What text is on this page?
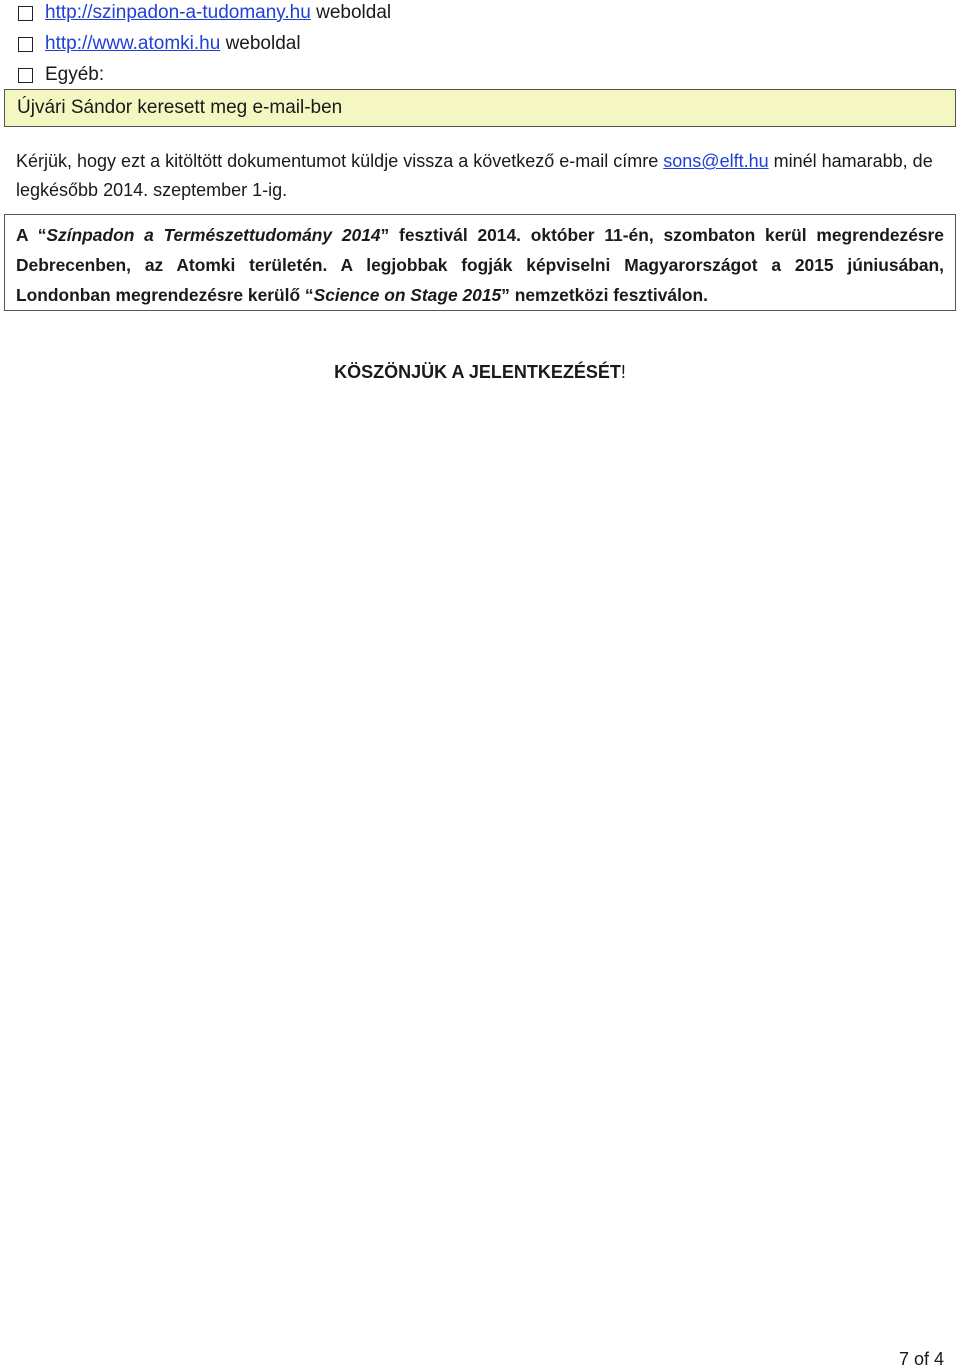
http://szinpadon-a-tudomany.hu weboldal
http://www.atomki.hu weboldal
Egyéb:
Újvári Sándor keresett meg e-mail-ben
Kérjük, hogy ezt a kitöltött dokumentumot küldje vissza a következő e-mail címre sons@elft.hu minél hamarabb, de legkésőbb 2014. szeptember 1-ig.
A “Színpadon a Természettudomány 2014” fesztivál 2014. október 11-én, szombaton kerül megrendezésre Debrecenben, az Atomki területén. A legjobbak fogják képviselni Magyarországot a 2015 júniusában, Londonban megrendezésre kerülő “Science on Stage 2015” nemzetközi fesztiválon.
KÖSZÖNJÜK A JELENTKEZÉSÉT!
7 of 4
